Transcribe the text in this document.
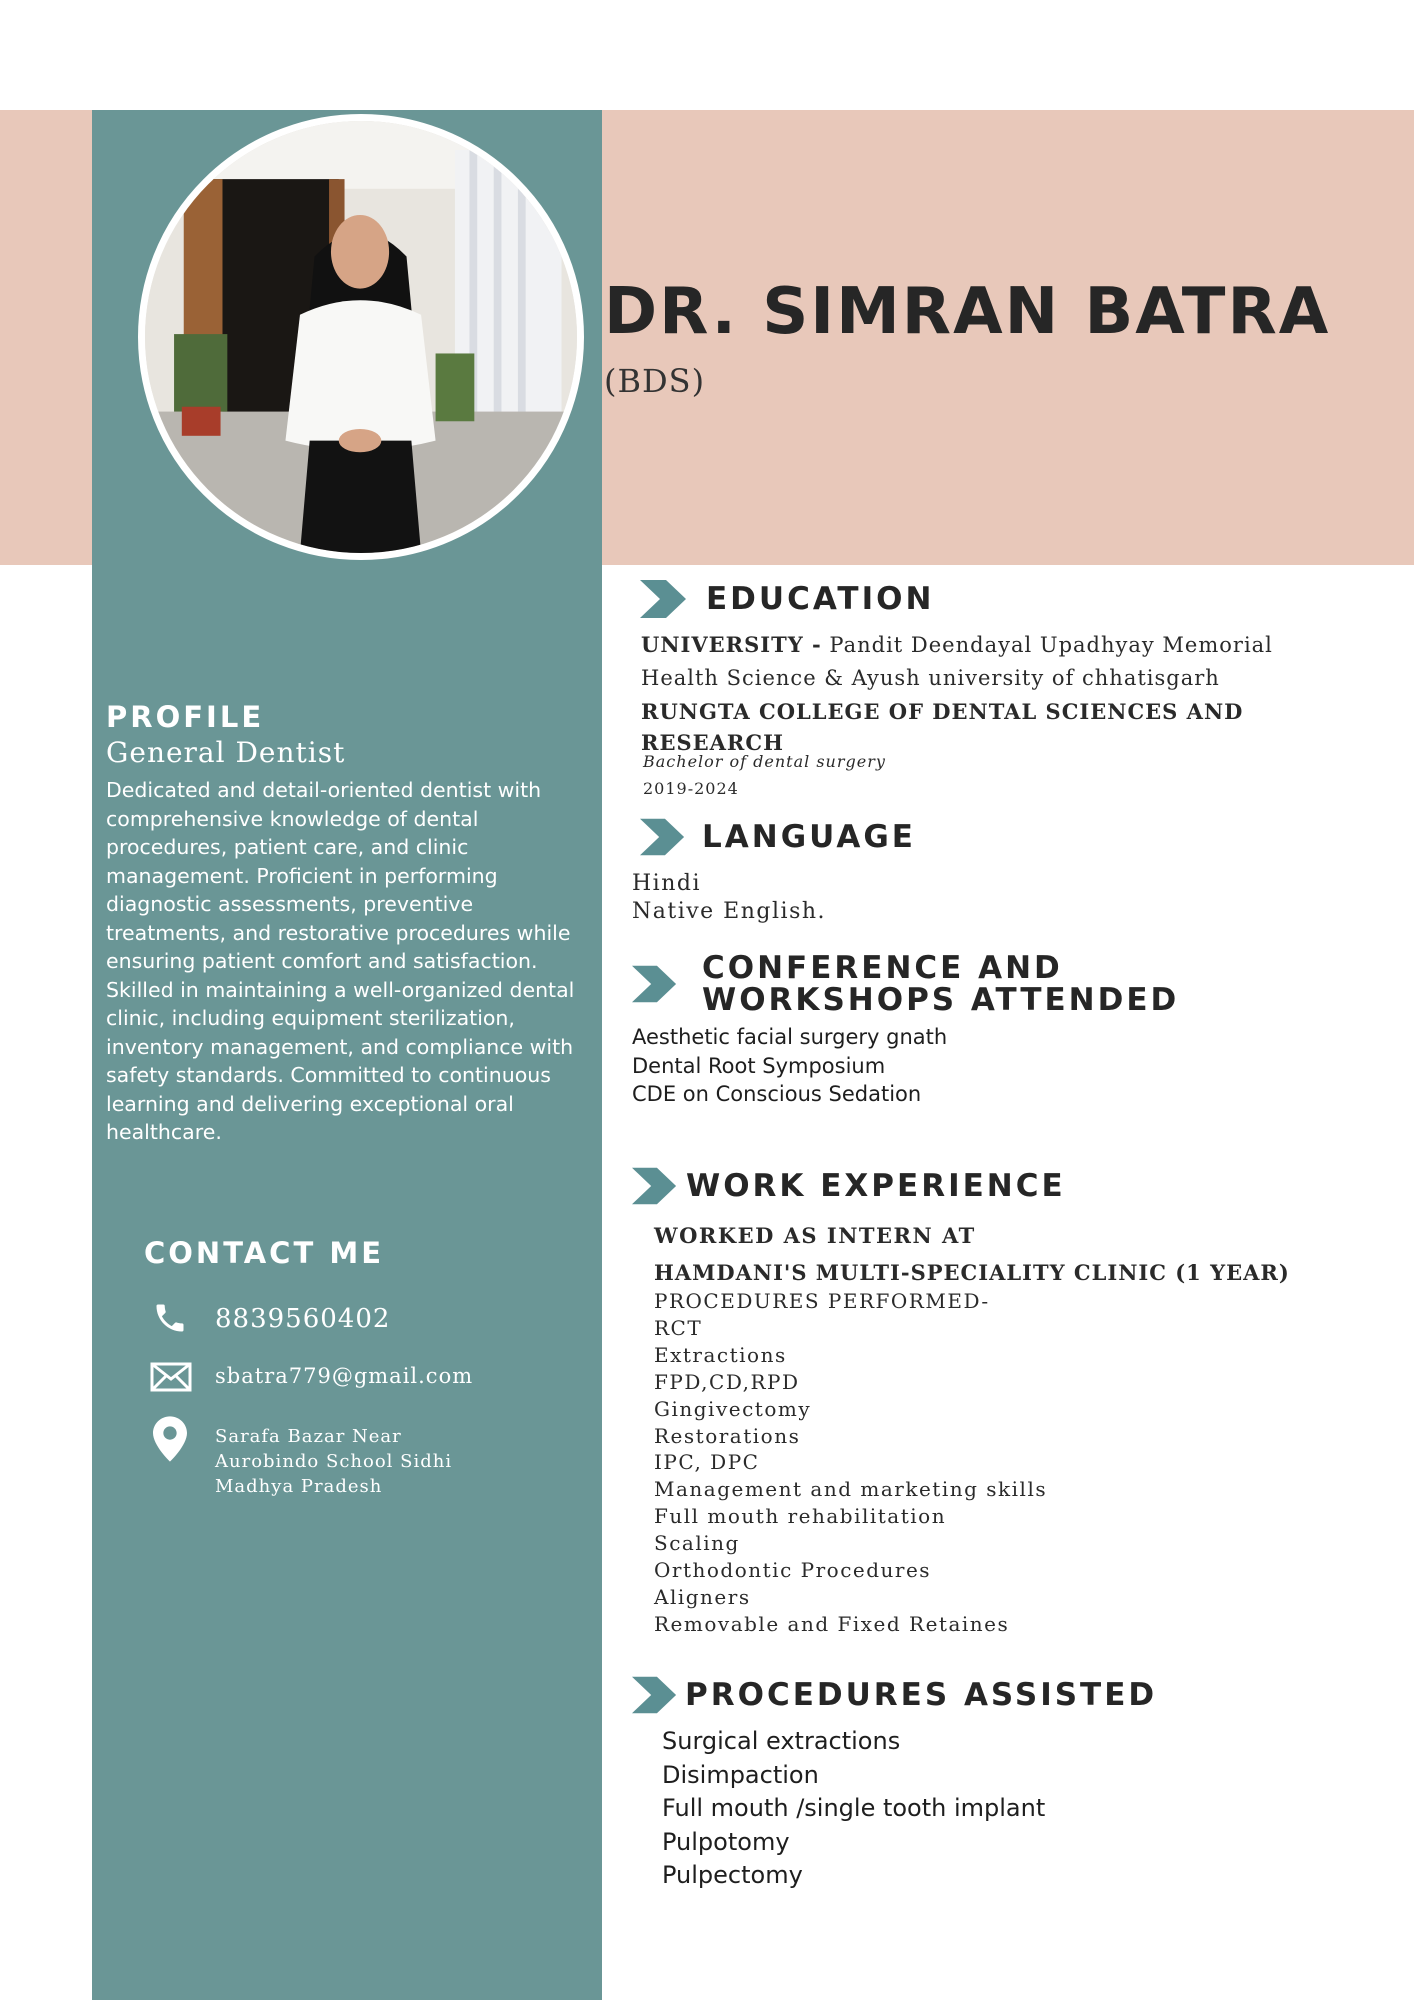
DR. SIMRAN BATRA
(BDS)
PROFILE
General Dentist
Dedicated and detail-oriented dentist with comprehensive knowledge of dental procedures, patient care, and clinic management. Proficient in performing diagnostic assessments, preventive treatments, and restorative procedures while ensuring patient comfort and satisfaction. Skilled in maintaining a well-organized dental clinic, including equipment sterilization, inventory management, and compliance with safety standards. Committed to continuous learning and delivering exceptional oral healthcare.
CONTACT ME
8839560402
sbatra779@gmail.com
Sarafa Bazar Near
Aurobindo School Sidhi
Madhya Pradesh
EDUCATION
UNIVERSITY - Pandit Deendayal Upadhyay Memorial
Health Science & Ayush university of chhatisgarh
RUNGTA COLLEGE OF DENTAL SCIENCES AND
RESEARCH
Bachelor of dental surgery
2019-2024
LANGUAGE
Hindi
Native English.
CONFERENCE AND
WORKSHOPS ATTENDED
Aesthetic facial surgery gnath
Dental Root Symposium
CDE on Conscious Sedation
WORK EXPERIENCE
WORKED AS INTERN AT
HAMDANI'S MULTI-SPECIALITY CLINIC (1 YEAR)
PROCEDURES PERFORMED-
RCT
Extractions
FPD,CD,RPD
Gingivectomy
Restorations
IPC, DPC
Management and marketing skills
Full mouth rehabilitation
Scaling
Orthodontic Procedures
Aligners
Removable and Fixed Retaines
PROCEDURES ASSISTED
Surgical extractions
Disimpaction
Full mouth /single tooth implant
Pulpotomy
Pulpectomy
